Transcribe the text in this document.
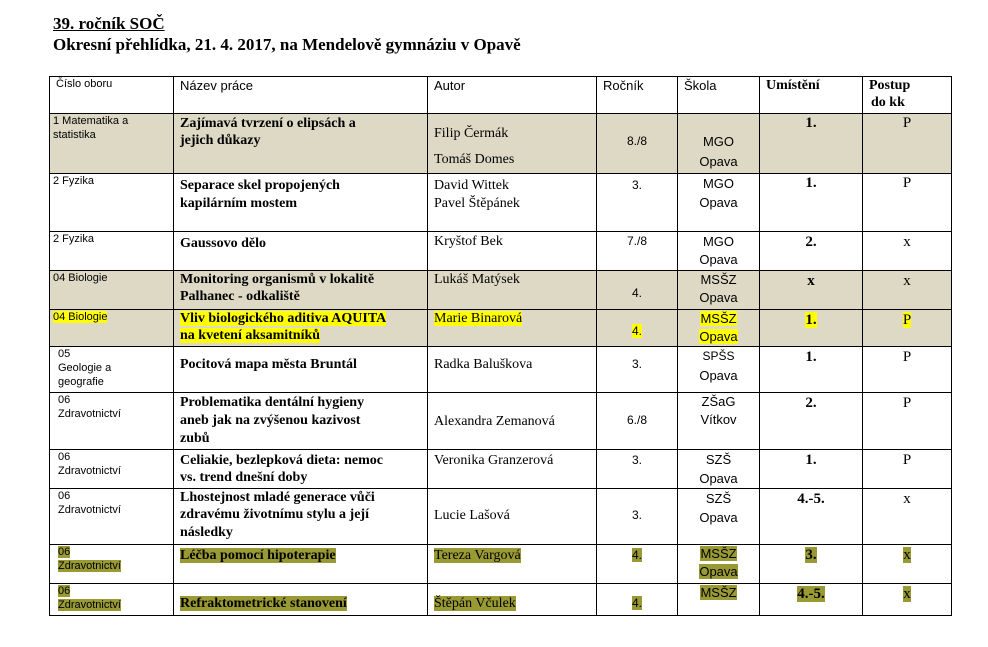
39. ročník SOČ
Okresní přehlídka, 21. 4. 2017, na Mendelově gymnáziu v Opavě
Číslo oboru	Název práce	Autor	Ročník	Škola	Umístění	Postup
do kk

1 Matematika a
statistika	Zajímavá tvrzení o elipsách a
jejich důkazy	Filip Čermák
Tomáš Domes	8./8	MGO
Opava	1.	P

2 Fyzika	Separace skel propojených
kapilárním mostem	David Wittek
Pavel Štěpánek	3.	MGO
Opava	1.	P

2 Fyzika	Gaussovo dělo	Kryštof Bek	7./8	MGO
Opava	2.	x

04 Biologie	Monitoring organismů v lokalitě
Palhanec - odkaliště	Lukáš Matýsek	4.	MSŠZ
Opava	x	x

04 Biologie	Vliv biologického aditiva AQUITA
na kvetení aksamitníků	Marie Binarová	4.	MSŠZ
Opava	1.	P

05
Geologie a
geografie	Pocitová mapa města Bruntál	Radka Baluškova	3.	SPŠS
Opava	1.	P

06
Zdravotnictví	Problematika dentální hygieny
aneb jak na zvýšenou kazivost
zubů	Alexandra Zemanová	6./8	ZŠaG
Vítkov	2.	P

06
Zdravotnictví	Celiakie, bezlepková dieta: nemoc
vs. trend dnešní doby	Veronika Granzerová	3.	SZŠ
Opava	1.	P

06
Zdravotnictví	Lhostejnost mladé generace vůči
zdravému životnímu stylu a její
následky	Lucie Lašová	3.	SZŠ
Opava	4.-5.	x

06
Zdravotnictví	Léčba pomocí hipoterapie	Tereza Vargová	4.	MSŠZ
Opava	3.	x

06
Zdravotnictví	Refraktometrické stanovení	Štěpán Včulek	4.	MSŠZ	4.-5.	x
